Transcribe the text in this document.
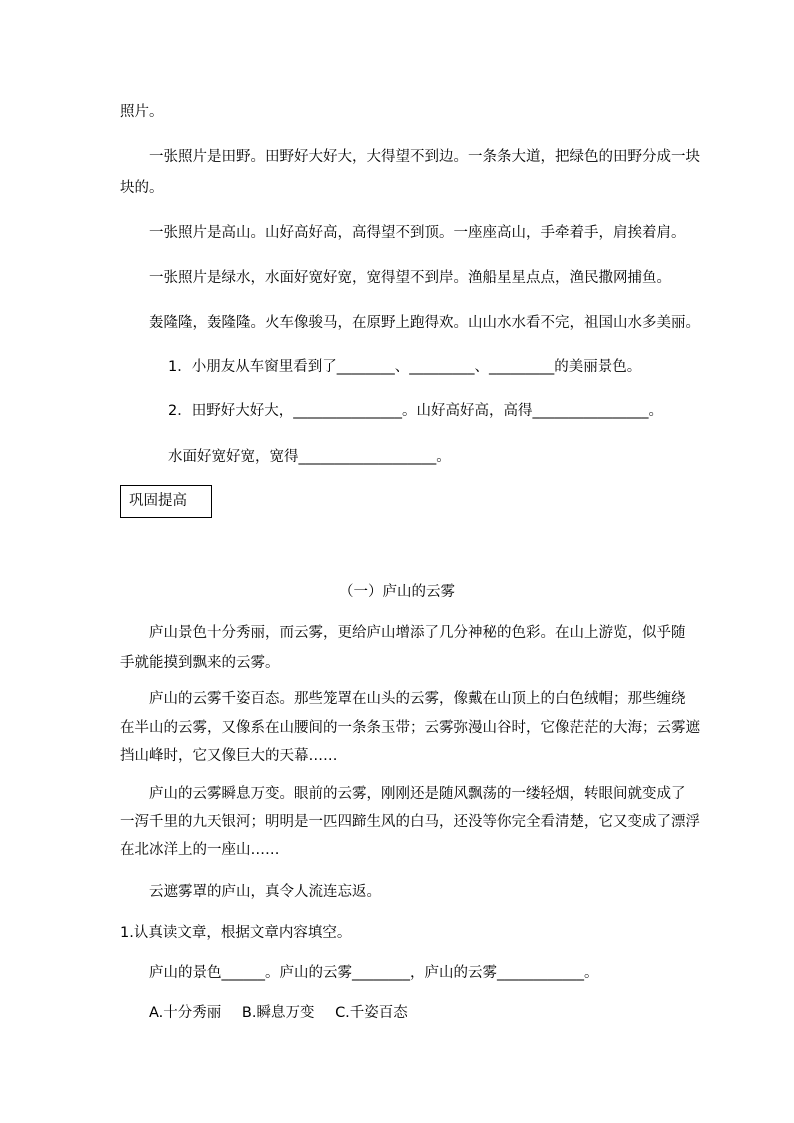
照片。
一张照片是田野。田野好大好大，大得望不到边。一条条大道，把绿色的田野分成一块
块的。
一张照片是高山。山好高好高，高得望不到顶。一座座高山，手牵着手，肩挨着肩。
一张照片是绿水，水面好宽好宽，宽得望不到岸。渔船星星点点，渔民撒网捕鱼。
轰隆隆，轰隆隆。火车像骏马，在原野上跑得欢。山山水水看不完，祖国山水多美丽。
1．小朋友从车窗里看到了________、_________、_________的美丽景色。
2．田野好大好大，_______________。山好高好高，高得________________。
水面好宽好宽，宽得___________________。
巩固提高
（一）庐山的云雾
庐山景色十分秀丽，而云雾，更给庐山增添了几分神秘的色彩。在山上游览，似乎随
手就能摸到飘来的云雾。
庐山的云雾千姿百态。那些笼罩在山头的云雾，像戴在山顶上的白色绒帽；那些缠绕
在半山的云雾，又像系在山腰间的一条条玉带；云雾弥漫山谷时，它像茫茫的大海；云雾遮
挡山峰时，它又像巨大的天幕……
庐山的云雾瞬息万变。眼前的云雾，刚刚还是随风飘荡的一缕轻烟，转眼间就变成了
一泻千里的九天银河；明明是一匹四蹄生风的白马，还没等你完全看清楚，它又变成了漂浮
在北冰洋上的一座山……
云遮雾罩的庐山，真令人流连忘返。
1.认真读文章，根据文章内容填空。
庐山的景色______。庐山的云雾________，庐山的云雾____________。
A.十分秀丽 B.瞬息万变 C.千姿百态
